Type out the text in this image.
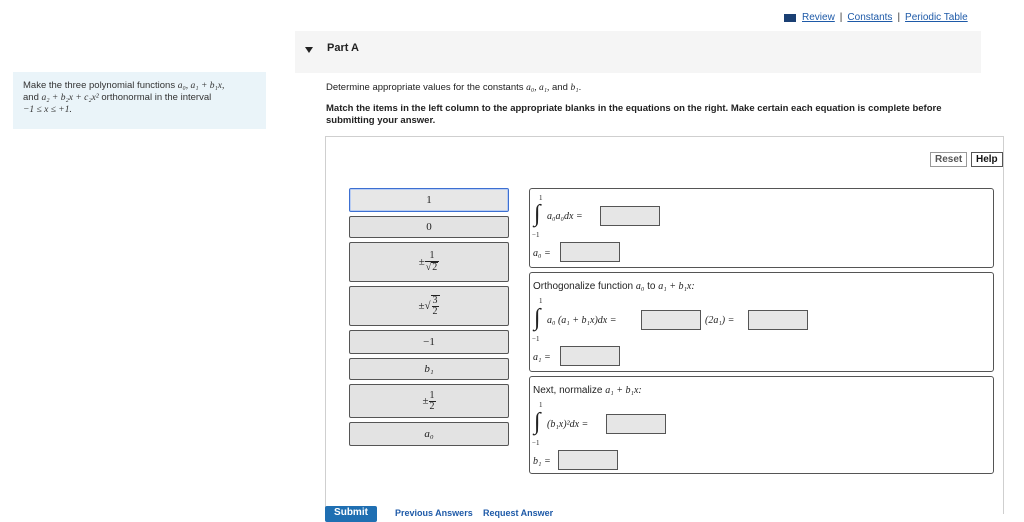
Review | Constants | Periodic Table
Part A

Make the three polynomial functions a₀, a₁ + b₁x,
and a₂ + b₂x + c₂x² orthonormal in the interval
−1 ≤ x ≤ +1.

Determine appropriate values for the constants a₀, a₁, and b₁.
Match the items in the left column to the appropriate blanks in the equations on the right. Make certain each equation is complete before submitting your answer.
Reset	Help
1
0
± $\frac{1}{√ 2}$
± √ $\frac{3}{2}$
−1
b₁
± $\frac{1}{2}$
a₀
1
∫
−1
a₀a₀dx =
a₀ =
Orthogonalize function a₀ to a₁ + b₁x:
1
∫
−1
a₀ (a₁ + b₁x)dx =	(2a₁) =
a₁ =
Next, normalize a₁ + b₁x:
1
∫
−1
(b₁x)²dx =
b₁ =
Submit	Previous Answers Request Answer
